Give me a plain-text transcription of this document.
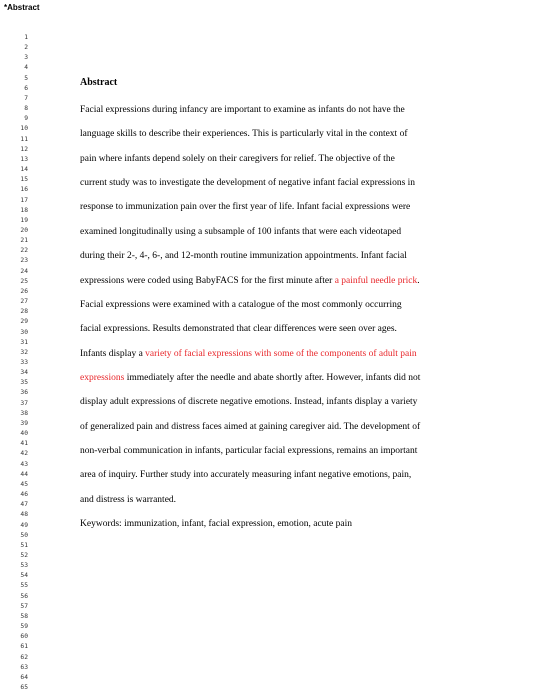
*Abstract
1
2
3
4
5
6
7
8
9
10
11
12
13
14
15
16
17
18
19
20
21
22
23
24
25
26
27
28
29
30
31
32
33
34
35
36
37
38
39
40
41
42
43
44
45
46
47
48
49
50
51
52
53
54
55
56
57
58
59
60
61
62
63
64
65
Abstract
Facial expressions during infancy are important to examine as infants do not have the
language skills to describe their experiences. This is particularly vital in the context of
pain where infants depend solely on their caregivers for relief. The objective of the
current study was to investigate the development of negative infant facial expressions in
response to immunization pain over the first year of life. Infant facial expressions were
examined longitudinally using a subsample of 100 infants that were each videotaped
during their 2-, 4-, 6-, and 12-month routine immunization appointments. Infant facial
expressions were coded using BabyFACS for the first minute after a painful needle prick.
Facial expressions were examined with a catalogue of the most commonly occurring
facial expressions. Results demonstrated that clear differences were seen over ages.
Infants display a variety of facial expressions with some of the components of adult pain
expressions immediately after the needle and abate shortly after. However, infants did not
display adult expressions of discrete negative emotions. Instead, infants display a variety
of generalized pain and distress faces aimed at gaining caregiver aid. The development of
non-verbal communication in infants, particular facial expressions, remains an important
area of inquiry. Further study into accurately measuring infant negative emotions, pain,
and distress is warranted.
Keywords: immunization, infant, facial expression, emotion, acute pain
